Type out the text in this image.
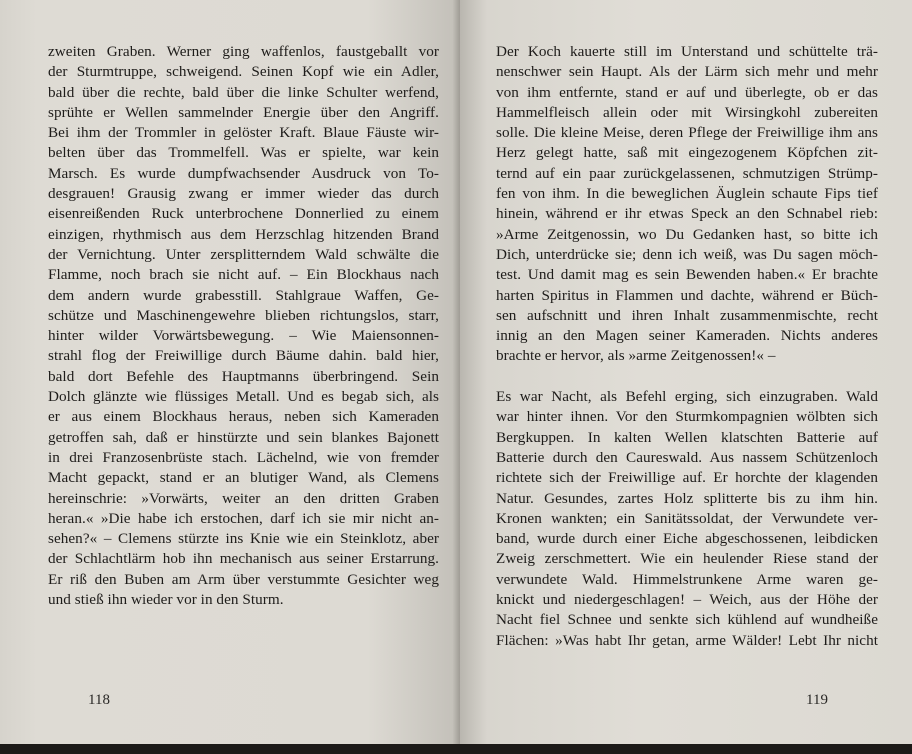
zweiten Graben. Werner ging waffenlos, faustgeballt vor
der Sturmtruppe, schweigend. Seinen Kopf wie ein Adler,
bald über die rechte, bald über die linke Schulter werfend,
sprühte er Wellen sammelnder Energie über den Angriff.
Bei ihm der Trommler in gelöster Kraft. Blaue Fäuste wir-
belten über das Trommelfell. Was er spielte, war kein
Marsch. Es wurde dumpfwachsender Ausdruck von To-
desgrauen! Grausig zwang er immer wieder das durch
eisenreißenden Ruck unterbrochene Donnerlied zu einem
einzigen, rhythmisch aus dem Herzschlag hitzenden Brand
der Vernichtung. Unter zersplitterndem Wald schwälte die
Flamme, noch brach sie nicht auf. – Ein Blockhaus nach
dem andern wurde grabesstill. Stahlgraue Waffen, Ge-
schütze und Maschinengewehre blieben richtungslos, starr,
hinter wilder Vorwärtsbewegung. – Wie Maiensonnen-
strahl flog der Freiwillige durch Bäume dahin. bald hier,
bald dort Befehle des Hauptmanns überbringend. Sein
Dolch glänzte wie flüssiges Metall. Und es begab sich, als
er aus einem Blockhaus heraus, neben sich Kameraden
getroffen sah, daß er hinstürzte und sein blankes Bajonett
in drei Franzosenbrüste stach. Lächelnd, wie von fremder
Macht gepackt, stand er an blutiger Wand, als Clemens
hereinschrie: »Vorwärts, weiter an den dritten Graben
heran.« »Die habe ich erstochen, darf ich sie mir nicht an-
sehen?« – Clemens stürzte ins Knie wie ein Steinklotz, aber
der Schlachtlärm hob ihn mechanisch aus seiner Erstarrung.
Er riß den Buben am Arm über verstummte Gesichter weg
und stieß ihn wieder vor in den Sturm.
118
Der Koch kauerte still im Unterstand und schüttelte trä-
nenschwer sein Haupt. Als der Lärm sich mehr und mehr
von ihm entfernte, stand er auf und überlegte, ob er das
Hammelfleisch allein oder mit Wirsingkohl zubereiten
solle. Die kleine Meise, deren Pflege der Freiwillige ihm ans
Herz gelegt hatte, saß mit eingezogenem Köpfchen zit-
ternd auf ein paar zurückgelassenen, schmutzigen Strümp-
fen von ihm. In die beweglichen Äuglein schaute Fips tief
hinein, während er ihr etwas Speck an den Schnabel rieb:
»Arme Zeitgenossin, wo Du Gedanken hast, so bitte ich
Dich, unterdrücke sie; denn ich weiß, was Du sagen möch-
test. Und damit mag es sein Bewenden haben.« Er brachte
harten Spiritus in Flammen und dachte, während er Büch-
sen aufschnitt und ihren Inhalt zusammenmischte, recht
innig an den Magen seiner Kameraden. Nichts anderes
brachte er hervor, als »arme Zeitgenossen!« –
Es war Nacht, als Befehl erging, sich einzugraben. Wald
war hinter ihnen. Vor den Sturmkompagnien wölbten sich
Bergkuppen. In kalten Wellen klatschten Batterie auf
Batterie durch den Caureswald. Aus nassem Schützenloch
richtete sich der Freiwillige auf. Er horchte der klagenden
Natur. Gesundes, zartes Holz splitterte bis zu ihm hin.
Kronen wankten; ein Sanitätssoldat, der Verwundete ver-
band, wurde durch einer Eiche abgeschossenen, leibdicken
Zweig zerschmettert. Wie ein heulender Riese stand der
verwundete Wald. Himmelstrunkene Arme waren ge-
knickt und niedergeschlagen! – Weich, aus der Höhe der
Nacht fiel Schnee und senkte sich kühlend auf wundheiße
Flächen: »Was habt Ihr getan, arme Wälder! Lebt Ihr nicht
119
